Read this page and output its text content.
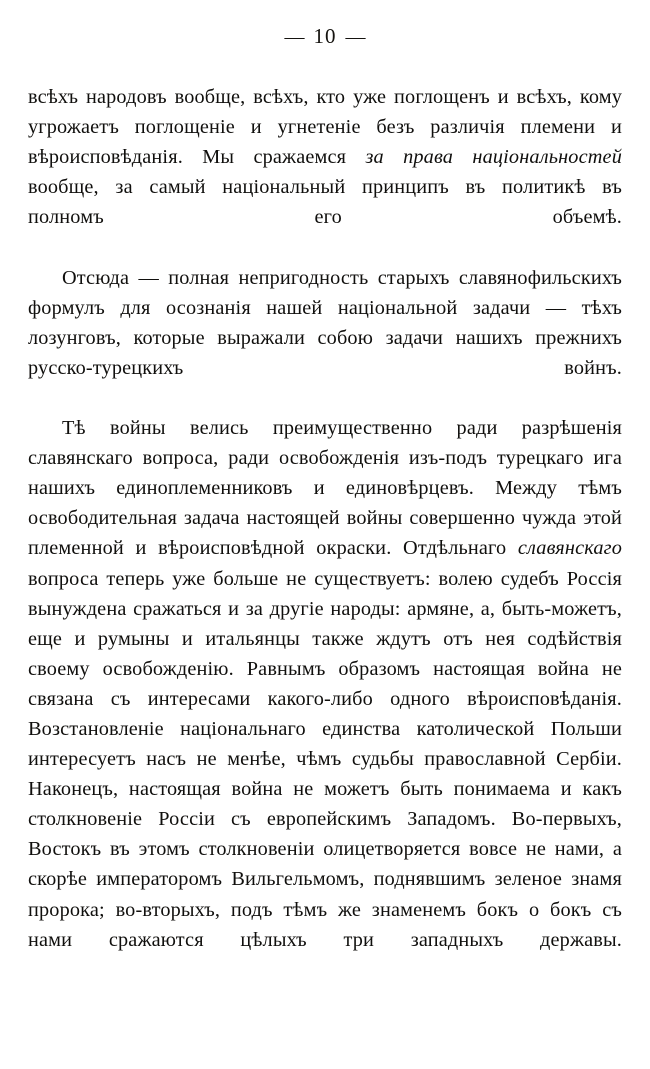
— 10 —

всѣхъ народовъ вообще, всѣхъ, кто уже поглощенъ и всѣхъ, кому угрожаетъ поглощеніе и угнетеніе безъ различія племени и вѣроисповѣданія. Мы сражаемся за права національностей вообще, за самый національный принципъ въ политикѣ въ полномъ его объемѣ.

Отсюда — полная непригодность старыхъ славянофильскихъ формулъ для осознанія нашей національной задачи — тѣхъ лозунговъ, которые выражали собою задачи нашихъ прежнихъ русско-турецкихъ войнъ.

Тѣ войны велись преимущественно ради разрѣшенія славянскаго вопроса, ради освобожденія изъ-подъ турецкаго ига нашихъ единоплеменниковъ и единовѣрцевъ. Между тѣмъ освободительная задача настоящей войны совершенно чужда этой племенной и вѣроисповѣдной окраски. Отдѣльнаго славянскаго вопроса теперь уже больше не существуетъ: волею судебъ Россія вынуждена сражаться и за другіе народы: армяне, а, быть-можетъ, еще и румыны и итальянцы также ждутъ отъ нея содѣйствія своему освобожденію. Равнымъ образомъ настоящая война не связана съ интересами какого-либо одного вѣроисповѣданія. Возстановленіе національнаго единства католической Польши интересуетъ насъ не менѣе, чѣмъ судьбы православной Сербіи. Наконецъ, настоящая война не можетъ быть понимаема и какъ столкновеніе Россіи съ европейскимъ Западомъ. Во-первыхъ, Востокъ въ этомъ столкновеніи олицетворяется вовсе не нами, а скорѣе императоромъ Вильгельмомъ, поднявшимъ зеленое знамя пророка; во-вторыхъ, подъ тѣмъ же знаменемъ бокъ о бокъ съ нами сражаются цѣлыхъ три западныхъ державы.
